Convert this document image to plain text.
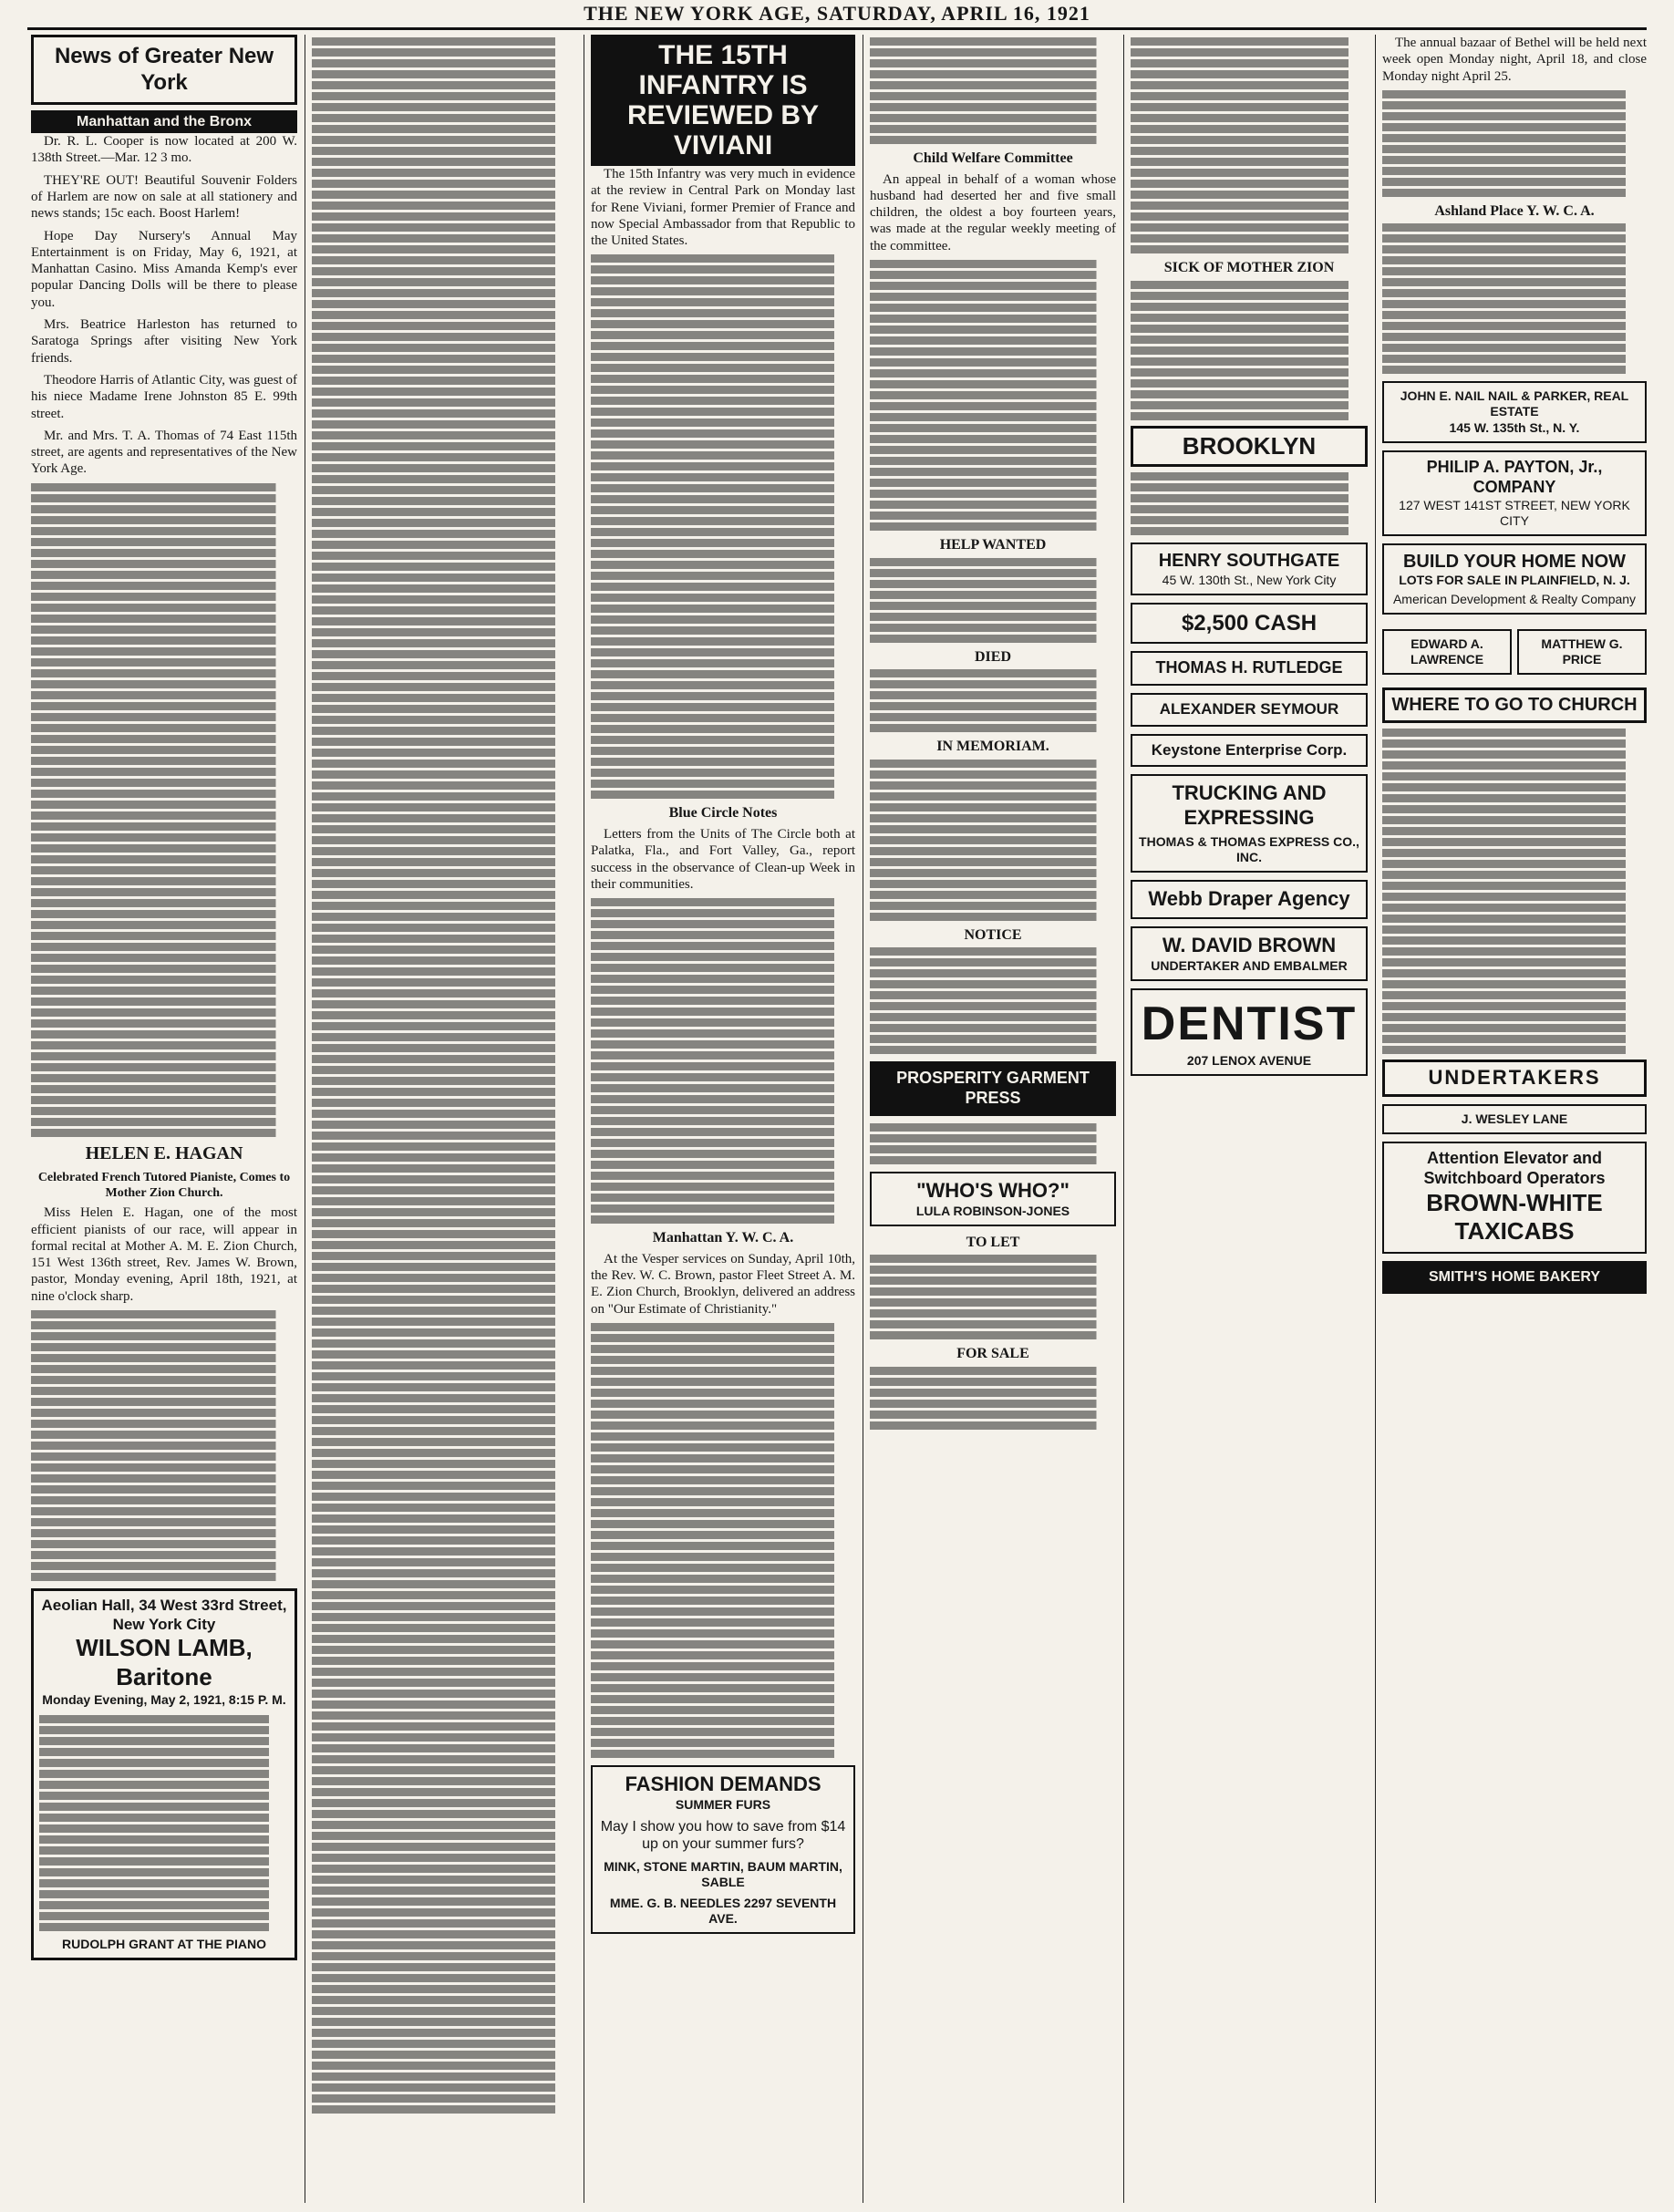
THE NEW YORK AGE, SATURDAY, APRIL 16, 1921
News of Greater New York
Manhattan and the Bronx

Dr. R. L. Cooper is now located at 200 W. 138th Street.—Mar. 12 3 mo.

THEY'RE OUT! Beautiful Souvenir Folders of Harlem are now on sale at all stationery and news stands; 15c each. Boost Harlem!

Hope Day Nursery's Annual May Entertainment is on Friday, May 6, 1921, at Manhattan Casino. Miss Amanda Kemp's ever popular Dancing Dolls will be there to please you.

Mrs. Beatrice Harleston has returned to Saratoga Springs after visiting New York friends.

Theodore Harris of Atlantic City, was guest of his niece Madame Irene Johnston 85 E. 99th street.

Mr. and Mrs. T. A. Thomas of 74 East 115th street, are agents and representatives of the New York Age.

HELEN E. HAGAN
Celebrated French Tutored Pianiste, Comes to Mother Zion Church.

Miss Helen E. Hagan, one of the most efficient pianists of our race, will appear in formal recital at Mother A. M. E. Zion Church, 151 West 136th street, Rev. James W. Brown, pastor, Monday evening, April 18th, 1921, at nine o'clock sharp.

Aeolian Hall, 34 West 33rd Street, New York City
WILSON LAMB, Baritone
Monday Evening, May 2, 1921, 8:15 P. M.
RUDOLPH GRANT AT THE PIANO
THE 15TH INFANTRY IS
REVIEWED BY VIVIANI

The 15th Infantry was very much in evidence at the review in Central Park on Monday last for Rene Viviani, former Premier of France and now Special Ambassador from that Republic to the United States.

Blue Circle Notes

Letters from the Units of The Circle both at Palatka, Fla., and Fort Valley, Ga., report success in the observance of Clean-up Week in their communities.

Manhattan Y. W. C. A.

At the Vesper services on Sunday, April 10th, the Rev. W. C. Brown, pastor Fleet Street A. M. E. Zion Church, Brooklyn, delivered an address on "Our Estimate of Christianity."

FASHION DEMANDS
SUMMER FURS
May I show you how to save from $14 up on your summer furs?
MINK, STONE MARTIN, BAUM MARTIN, SABLE
MME. G. B. NEEDLES 2297 SEVENTH AVE.
Child Welfare Committee

An appeal in behalf of a woman whose husband had deserted her and five small children, the oldest a boy fourteen years, was made at the regular weekly meeting of the committee.

HELP WANTED
DIED
IN MEMORIAM.
NOTICE
PROSPERITY GARMENT PRESS
"WHO'S WHO?"
LULA ROBINSON-JONES
TO LET
FOR SALE
SICK OF MOTHER ZION
BROOKLYN
HENRY SOUTHGATE
45 W. 130th St., New York City
$2,500 CASH
THOMAS H. RUTLEDGE
ALEXANDER SEYMOUR
Keystone Enterprise Corp.
TRUCKING AND EXPRESSING
THOMAS & THOMAS EXPRESS CO., INC.
Webb Draper Agency
W. DAVID BROWN
UNDERTAKER AND EMBALMER
DENTIST
207 LENOX AVENUE

The annual bazaar of Bethel will be held next week open Monday night, April 18, and close Monday night April 25.

Ashland Place Y. W. C. A.
JOHN E. NAIL NAIL & PARKER, REAL ESTATE
145 W. 135th St., N. Y.
PHILIP A. PAYTON, Jr., COMPANY
127 WEST 141ST STREET, NEW YORK CITY
BUILD YOUR HOME NOW
LOTS FOR SALE IN PLAINFIELD, N. J.
American Development & Realty Company
EDWARD A. LAWRENCE
MATTHEW G. PRICE
WHERE TO GO TO CHURCH
UNDERTAKERS
J. WESLEY LANE
Attention Elevator and Switchboard Operators
BROWN-WHITE TAXICABS
SMITH'S HOME BAKERY
